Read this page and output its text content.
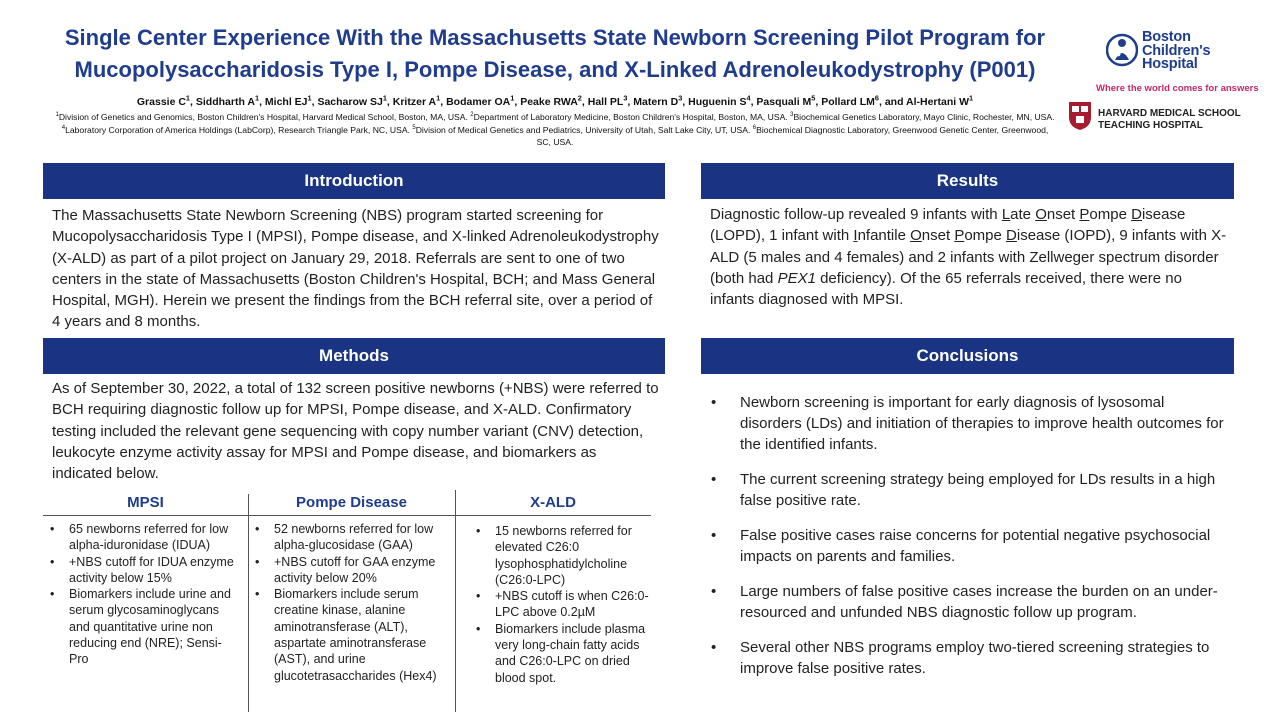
Single Center Experience With the Massachusetts State Newborn Screening Pilot Program for
Mucopolysaccharidosis Type I, Pompe Disease, and X-Linked Adrenoleukodystrophy (P001)
Grassie $C^1$, Siddharth $A^1$, Michl $EJ^1$, Sacharow $SJ^1$, Kritzer $A^1$, Bodamer $OA^1$, Peake RWA$^2$, Hall $PL^3$, Matern $D^3$, Huguenin $S^4$, Pasquali $M^5$, Pollard $LM^6$, and Al-Hertani $W^1$
$^1$Division of Genetics and Genomics, Boston Children's Hospital, Harvard Medical School, Boston, MA, USA. $^2$Department of Laboratory Medicine, Boston Children's Hospital, Boston, MA, USA. $^3$Biochemical Genetics Laboratory, Mayo Clinic, Rochester, MN, USA. $^4$Laboratory Corporation of America Holdings (LabCorp), Research Triangle Park, NC, USA. $^5$Division of Medical Genetics and Pediatrics, University of Utah, Salt Lake City, UT, USA. $^6$Biochemical Diagnostic Laboratory, Greenwood Genetic Center, Greenwood, SC, USA.
Boston
Children's
Hospital
Where the world comes for answers
HARVARD MEDICAL SCHOOL
TEACHING HOSPITAL
Introduction
The Massachusetts State Newborn Screening (NBS) program started screening for Mucopolysaccharidosis Type I (MPSI), Pompe disease, and X-linked Adrenoleukodystrophy (X-ALD) as part of a pilot project on January 29, 2018. Referrals are sent to one of two centers in the state of Massachusetts (Boston Children's Hospital, BCH; and Mass General Hospital, MGH). Herein we present the findings from the BCH referral site, over a period of 4 years and 8 months.
Methods
As of September 30, 2022, a total of 132 screen positive newborns (+NBS) were referred to BCH requiring diagnostic follow up for MPSI, Pompe disease, and X-ALD. Confirmatory testing included the relevant gene sequencing with copy number variant (CNV) detection, leukocyte enzyme activity assay for MPSI and Pompe disease, and biomarkers as indicated below.
MPSI	Pompe Disease	X-ALD
• 65 newborns referred for low alpha-iduronidase (IDUA)
• +NBS cutoff for IDUA enzyme activity below 15%
• Biomarkers include urine and serum glycosaminoglycans and quantitative urine non reducing end (NRE); Sensi-Pro
• 52 newborns referred for low alpha-glucosidase (GAA)
• +NBS cutoff for GAA enzyme activity below 20%
• Biomarkers include serum creatine kinase, alanine aminotransferase (ALT), aspartate aminotransferase (AST), and urine glucotetrasaccharides (Hex4)
• 15 newborns referred for elevated C26:0 lysophosphatidylcholine (C26:0-LPC)
• +NBS cutoff is when C26:0-LPC above 0.2µM
• Biomarkers include plasma very long-chain fatty acids and C26:0-LPC on dried blood spot.
Results
Diagnostic follow-up revealed 9 infants with Late Onset Pompe Disease (LOPD), 1 infant with Infantile Onset Pompe Disease (IOPD), 9 infants with X-ALD (5 males and 4 females) and 2 infants with Zellweger spectrum disorder (both had PEX1 deficiency). Of the 65 referrals received, there were no infants diagnosed with MPSI.
Conclusions
• Newborn screening is important for early diagnosis of lysosomal disorders (LDs) and initiation of therapies to improve health outcomes for the identified infants.
• The current screening strategy being employed for LDs results in a high false positive rate.
• False positive cases raise concerns for potential negative psychosocial impacts on parents and families.
• Large numbers of false positive cases increase the burden on an under-resourced and unfunded NBS diagnostic follow up program.
• Several other NBS programs employ two-tiered screening strategies to improve false positive rates.
